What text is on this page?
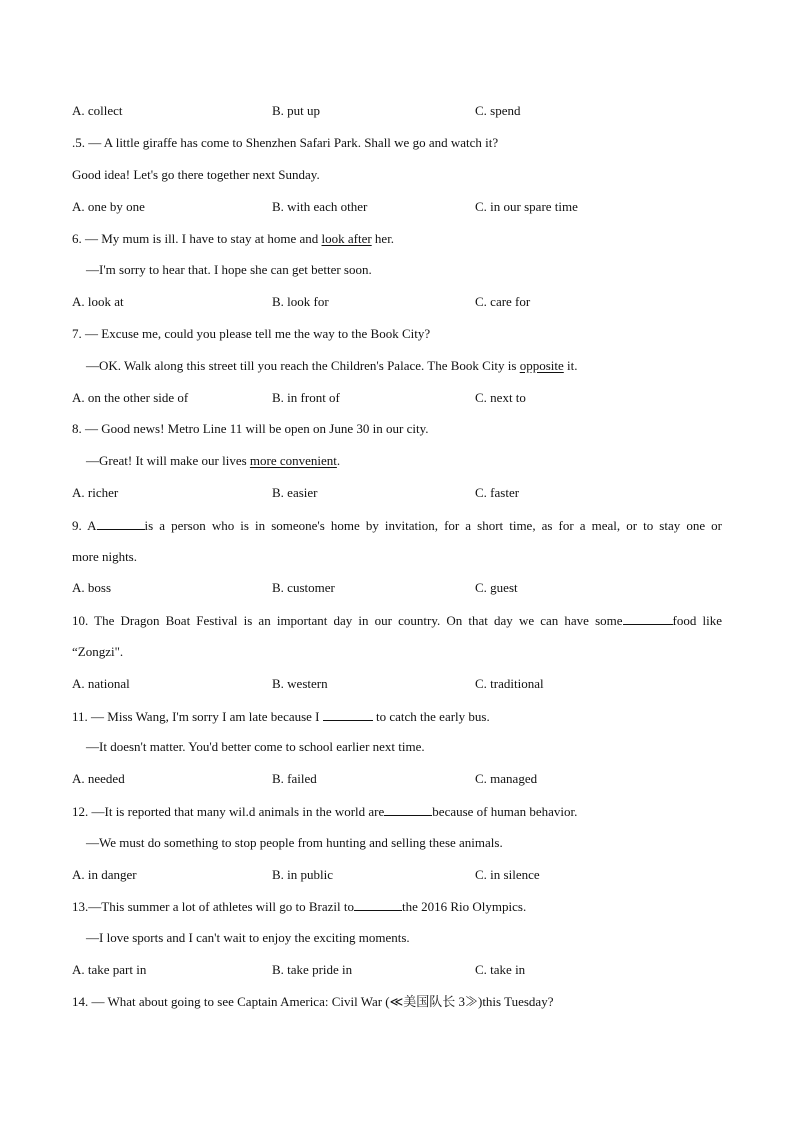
A. collect	B. put up	C. spend
.5. — A little giraffe has come to Shenzhen Safari Park. Shall we go and watch it?
Good idea! Let's go there together next Sunday.
A. one by one	B. with each other	C. in our spare time
6. — My mum is ill. I have to stay at home and look after her.
—I'm sorry to hear that. I hope she can get better soon.
A. look at	B. look for	C. care for
7. — Excuse me, could you please tell me the way to the Book City?
—OK. Walk along this street till you reach the Children's Palace. The Book City is opposite it.
A. on the other side of	B. in front of	C. next to
8. — Good news! Metro Line 11 will be open on June 30 in our city.
—Great! It will make our lives more convenient.
A. richer	B. easier	C. faster
9. A	is a person who is in someone's home by invitation, for a short time, as for a meal, or to stay one or
more nights.
A. boss	B. customer	C. guest
10. The Dragon Boat Festival is an important day in our country. On that day we can have some	food like
“Zongzi".
A. national	B. western	C. traditional
11. — Miss Wang, I'm sorry I am late because I	to catch the early bus.
—It doesn't matter. You'd better come to school earlier next time.
A. needed	B. failed	C. managed
12. —It is reported that many wil.d animals in the world are	because of human behavior.
—We must do something to stop people from hunting and selling these animals.
A. in danger	B. in public	C. in silence
13.—This summer a lot of athletes will go to Brazil to	the 2016 Rio Olympics.
—I love sports and I can't wait to enjoy the exciting moments.
A. take part in	B. take pride in	C. take in
14. — What about going to see Captain America: Civil War (≪美国队长 3≫)this Tuesday?
